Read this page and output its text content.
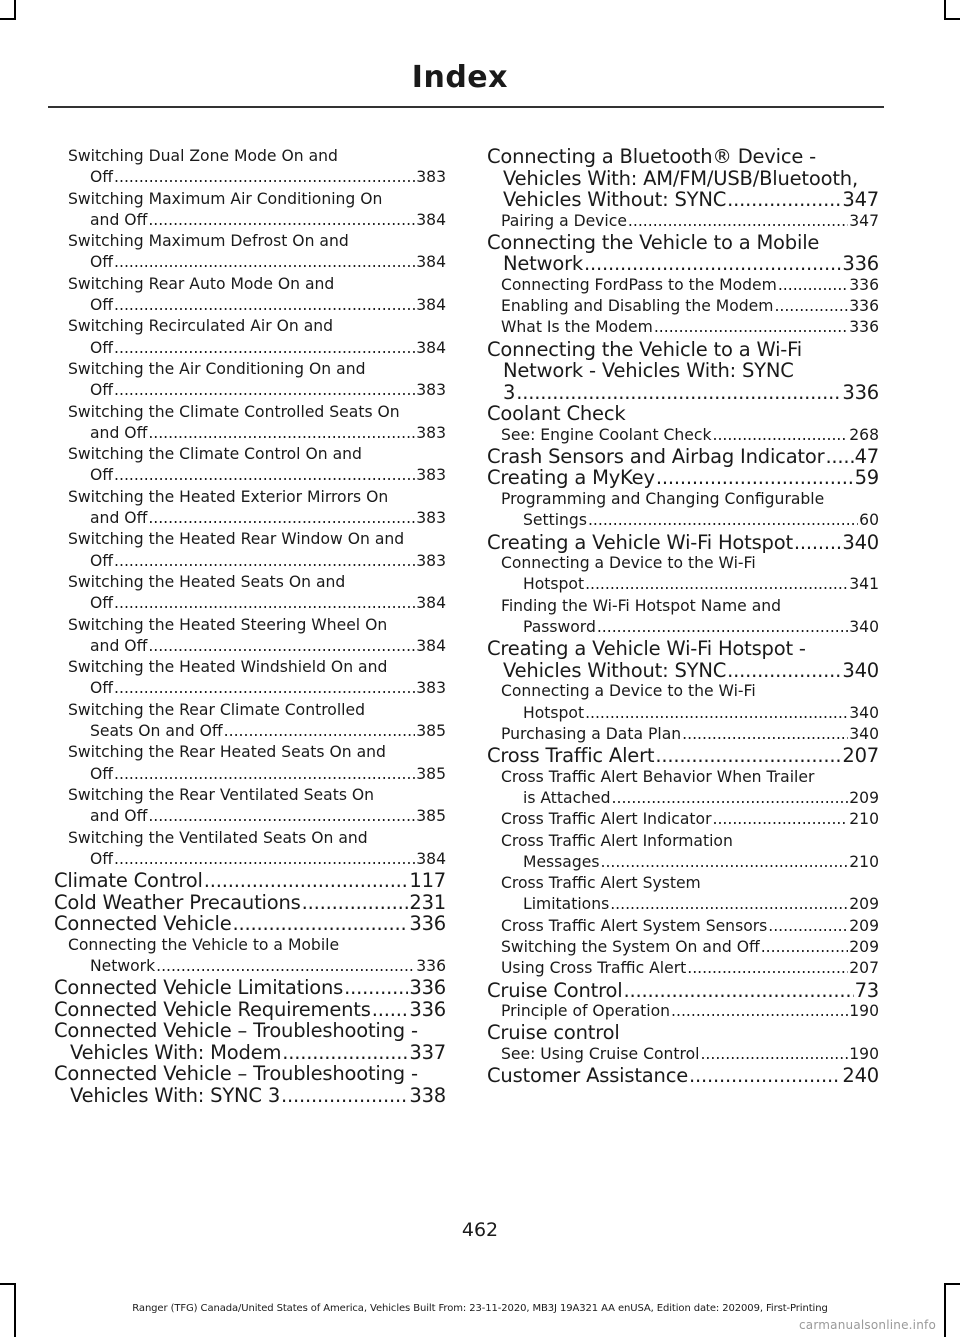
Index
Switching Dual Zone Mode On and
Off .....	383
Switching Maximum Air Conditioning On
and Off .....	384
Switching Maximum Defrost On and
Off .....	384
Switching Rear Auto Mode On and
Off .....	384
Switching Recirculated Air On and
Off .....	384
Switching the Air Conditioning On and
Off .....	383
Switching the Climate Controlled Seats On
and Off .....	383
Switching the Climate Control On and
Off .....	383
Switching the Heated Exterior Mirrors On
and Off .....	383
Switching the Heated Rear Window On and
Off .....	383
Switching the Heated Seats On and
Off .....	384
Switching the Heated Steering Wheel On
and Off .....	384
Switching the Heated Windshield On and
Off .....	383
Switching the Rear Climate Controlled
Seats On and Off .....	385
Switching the Rear Heated Seats On and
Off .....	385
Switching the Rear Ventilated Seats On
and Off .....	385
Switching the Ventilated Seats On and
Off .....	384
Climate Control .....	117
Cold Weather Precautions .....	231
Connected Vehicle .....	336
Connecting the Vehicle to a Mobile
Network .....	336
Connected Vehicle Limitations .....	336
Connected Vehicle Requirements ..... 336
Connected Vehicle – Troubleshooting -
Vehicles With: Modem .....	337
Connected Vehicle – Troubleshooting -
Vehicles With: SYNC 3 .....	338
Connecting a Bluetooth® Device -
Vehicles With: AM/FM/USB/Bluetooth,
Vehicles Without: SYNC .....	347
Pairing a Device .....	347
Connecting the Vehicle to a Mobile
Network .....	336
Connecting FordPass to the Modem .....	336
Enabling and Disabling the Modem .....	336
What Is the Modem .....	336
Connecting the Vehicle to a Wi-Fi
Network - Vehicles With: SYNC
3 .....	336
Coolant Check
See: Engine Coolant Check .....	268
Crash Sensors and Airbag Indicator ..... 47
Creating a MyKey .....	59
Programming and Changing Configurable
Settings .....	60
Creating a Vehicle Wi-Fi Hotspot .....	340
Connecting a Device to the Wi-Fi
Hotspot .....	341
Finding the Wi-Fi Hotspot Name and
Password .....	340
Creating a Vehicle Wi-Fi Hotspot -
Vehicles Without: SYNC .....	340
Connecting a Device to the Wi-Fi
Hotspot .....	340
Purchasing a Data Plan .....	340
Cross Traffic Alert .....	207
Cross Traffic Alert Behavior When Trailer
is Attached .....	209
Cross Traffic Alert Indicator .....	210
Cross Traffic Alert Information
Messages .....	210
Cross Traffic Alert System
Limitations .....	209
Cross Traffic Alert System Sensors .....	209
Switching the System On and Off .....	209
Using Cross Traffic Alert .....	207
Cruise Control .....	73
Principle of Operation .....	190
Cruise control
See: Using Cruise Control .....	190
Customer Assistance .....	240
462
Ranger (TFG) Canada/United States of America, Vehicles Built From: 23-11-2020, MB3J 19A321 AA enUSA, Edition date: 202009, First-Printing
carmanualsonline.info
